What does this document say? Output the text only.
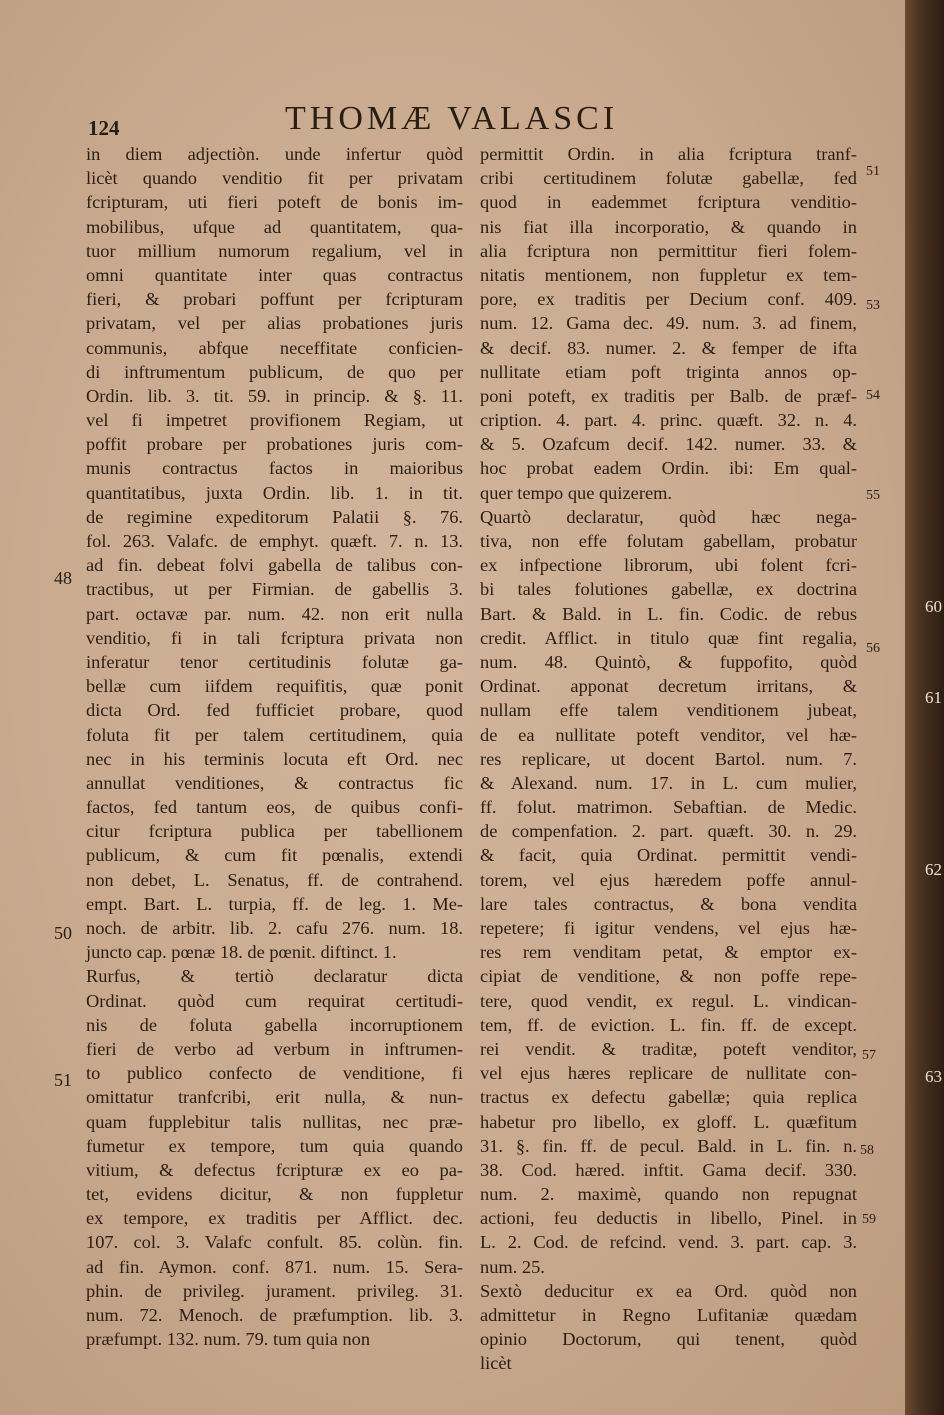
124	THOMÆ VALASCI
in diem adjectiòn. unde infertur quòd
licèt quando venditio fit per privatam
fcripturam, uti fieri poteft de bonis im-
mobilibus, ufque ad quantitatem, qua-
tuor millium numorum regalium, vel in
omni quantitate inter quas contractus
fieri, & probari poffunt per fcripturam
privatam, vel per alias probationes juris
communis, abfque neceffitate conficien-
di inftrumentum publicum, de quo per
Ordin. lib. 3. tit. 59. in princip. & §. 11.
vel fi impetret provifionem Regiam, ut
poffit probare per probationes juris com-
munis contractus factos in maioribus
quantitatibus, juxta Ordin. lib. 1. in tit.
de regimine expeditorum Palatii §. 76.
fol. 263. Valafc. de emphyt. quæft. 7. n. 13.
ad fin. debeat folvi gabella de talibus con-
tractibus, ut per Firmian. de gabellis 3.
part. octavæ par. num. 42. non erit nulla
venditio, fi in tali fcriptura privata non
inferatur tenor certitudinis folutæ ga-
bellæ cum iifdem requifitis, quæ ponit
dicta Ord. fed fufficiet probare, quod
foluta fit per talem certitudinem, quia
nec in his terminis locuta eft Ord. nec
annullat venditiones, & contractus fic
factos, fed tantum eos, de quibus confi-
citur fcriptura publica per tabellionem
publicum, & cum fit pœnalis, extendi
non debet, L. Senatus, ff. de contrahend.
empt. Bart. L. turpia, ff. de leg. 1. Me-
noch. de arbitr. lib. 2. cafu 276. num. 18.
juncto cap. pœnæ 18. de pœnit. diftinct. 1.
Rurfus, & tertiò declaratur dicta
Ordinat. quòd cum requirat certitudi-
nis de foluta gabella incorruptionem
fieri de verbo ad verbum in inftrumen-
to publico confecto de venditione, fi
omittatur tranfcribi, erit nulla, & nun-
quam fupplebitur talis nullitas, nec præ-
fumetur ex tempore, tum quia quando
vitium, & defectus fcripturæ ex eo pa-
tet, evidens dicitur, & non fuppletur
ex tempore, ex traditis per Afflict. dec.
107. col. 3. Valafc confult. 85. colùn. fin.
ad fin. Aymon. conf. 871. num. 15. Sera-
phin. de privileg. jurament. privileg. 31.
num. 72. Menoch. de præfumption. lib. 3.
præfumpt. 132. num. 79. tum quia non
permittit Ordin. in alia fcriptura tranf-
cribi certitudinem folutæ gabellæ, fed
quod in eademmet fcriptura venditio-
nis fiat illa incorporatio, & quando in
alia fcriptura non permittitur fieri folem-
nitatis mentionem, non fuppletur ex tem-
pore, ex traditis per Decium conf. 409.
num. 12. Gama dec. 49. num. 3. ad finem,
& decif. 83. numer. 2. & femper de ifta
nullitate etiam poft triginta annos op-
poni poteft, ex traditis per Balb. de præf-
cription. 4. part. 4. princ. quæft. 32. n. 4.
& 5. Ozafcum decif. 142. numer. 33. &
hoc probat eadem Ordin. ibi: Em qual-
quer tempo que quizerem.
Quartò declaratur, quòd hæc nega-
tiva, non effe folutam gabellam, probatur
ex infpectione librorum, ubi folent fcri-
bi tales folutiones gabellæ, ex doctrina
Bart. & Bald. in L. fin. Codic. de rebus
credit. Afflict. in titulo quæ fint regalia,
num. 48. Quintò, & fuppofito, quòd
Ordinat. apponat decretum irritans, &
nullam effe talem venditionem jubeat,
de ea nullitate poteft venditor, vel hæ-
res replicare, ut docent Bartol. num. 7.
& Alexand. num. 17. in L. cum mulier,
ff. folut. matrimon. Sebaftian. de Medic.
de compenfation. 2. part. quæft. 30. n. 29.
& facit, quia Ordinat. permittit vendi-
torem, vel ejus hæredem poffe annul-
lare tales contractus, & bona vendita
repetere; fi igitur vendens, vel ejus hæ-
res rem venditam petat, & emptor ex-
cipiat de venditione, & non poffe repe-
tere, quod vendit, ex regul. L. vindican-
tem, ff. de eviction. L. fin. ff. de except.
rei vendit. & traditæ, poteft venditor,
vel ejus hæres replicare de nullitate con-
tractus ex defectu gabellæ; quia replica
habetur pro libello, ex gloff. L. quæfitum
31. §. fin. ff. de pecul. Bald. in L. fin. n.
38. Cod. hæred. inftit. Gama decif. 330.
num. 2. maximè, quando non repugnat
actioni, feu deductis in libello, Pinel. in
L. 2. Cod. de refcind. vend. 3. part. cap. 3.
num. 25.
Sextò deducitur ex ea Ord. quòd non
admittetur in Regno Lufitaniæ quædam
opinio Doctorum, qui tenent, quòd
licèt
48
50
51
51
53
54
55
56
57
58
59
60
61
62
63
